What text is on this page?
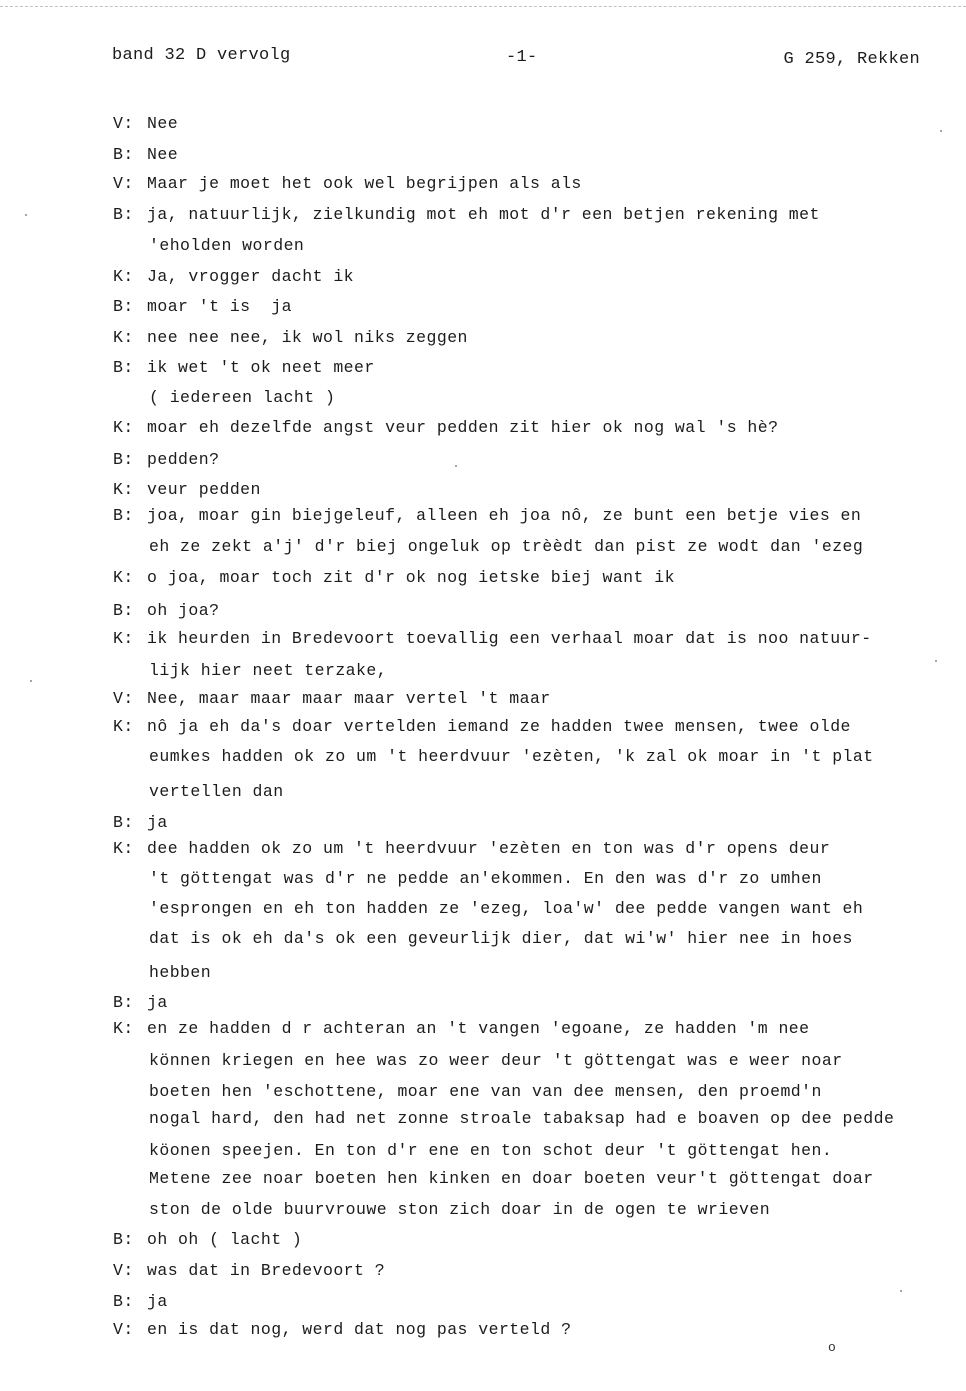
band 32 D vervolg	-1-	G 259, Rekken
V: Nee
B: Nee
V: Maar je moet het ook wel begrijpen als als
B: ja, natuurlijk, zielkundig mot eh mot d'r een betjen rekening met
'eholden worden
K: Ja, vrogger dacht ik
B: moar 't is  ja
K: nee nee nee, ik wol niks zeggen
B: ik wet 't ok neet meer
( iedereen lacht )
K: moar eh dezelfde angst veur pedden zit hier ok nog wal 's hè?
B: pedden?
K: veur pedden
B: joa, moar gin biejgeleuf, alleen eh joa nô, ze bunt een betje vies en
eh ze zekt a'j' d'r biej ongeluk op trèèdt dan pist ze wodt dan 'ezeg
K: o joa, moar toch zit d'r ok nog ietske biej want ik
B: oh joa?
K: ik heurden in Bredevoort toevallig een verhaal moar dat is noo natuur-
lijk hier neet terzake,
V: Nee, maar maar maar maar vertel 't maar
K: nô ja eh da's doar vertelden iemand ze hadden twee mensen, twee olde
eumkes hadden ok zo um 't heerdvuur 'ezèten, 'k zal ok moar in 't plat
vertellen dan
B: ja
K: dee hadden ok zo um 't heerdvuur 'ezèten en ton was d'r opens deur
't göttengat was d'r ne pedde an'ekommen. En den was d'r zo umhen
'esprongen en eh ton hadden ze 'ezeg, loa'w' dee pedde vangen want eh
dat is ok eh da's ok een geveurlijk dier, dat wi'w' hier nee in hoes
hebben
B: ja
K: en ze hadden d r achteran an 't vangen 'egoane, ze hadden 'm nee
können kriegen en hee was zo weer deur 't göttengat was e weer noar
boeten hen 'eschottene, moar ene van van dee mensen, den proemd'n
nogal hard, den had net zonne stroale tabaksap had e boaven op dee pedde
köonen speejen. En ton d'r ene en ton schot deur 't göttengat hen.
Metene zee noar boeten hen kinken en doar boeten veur't göttengat doar
ston de olde buurvrouwe ston zich doar in de ogen te wrieven
B: oh oh ( lacht )
V: was dat in Bredevoort ?
B: ja
V: en is dat nog, werd dat nog pas verteld ?
o
